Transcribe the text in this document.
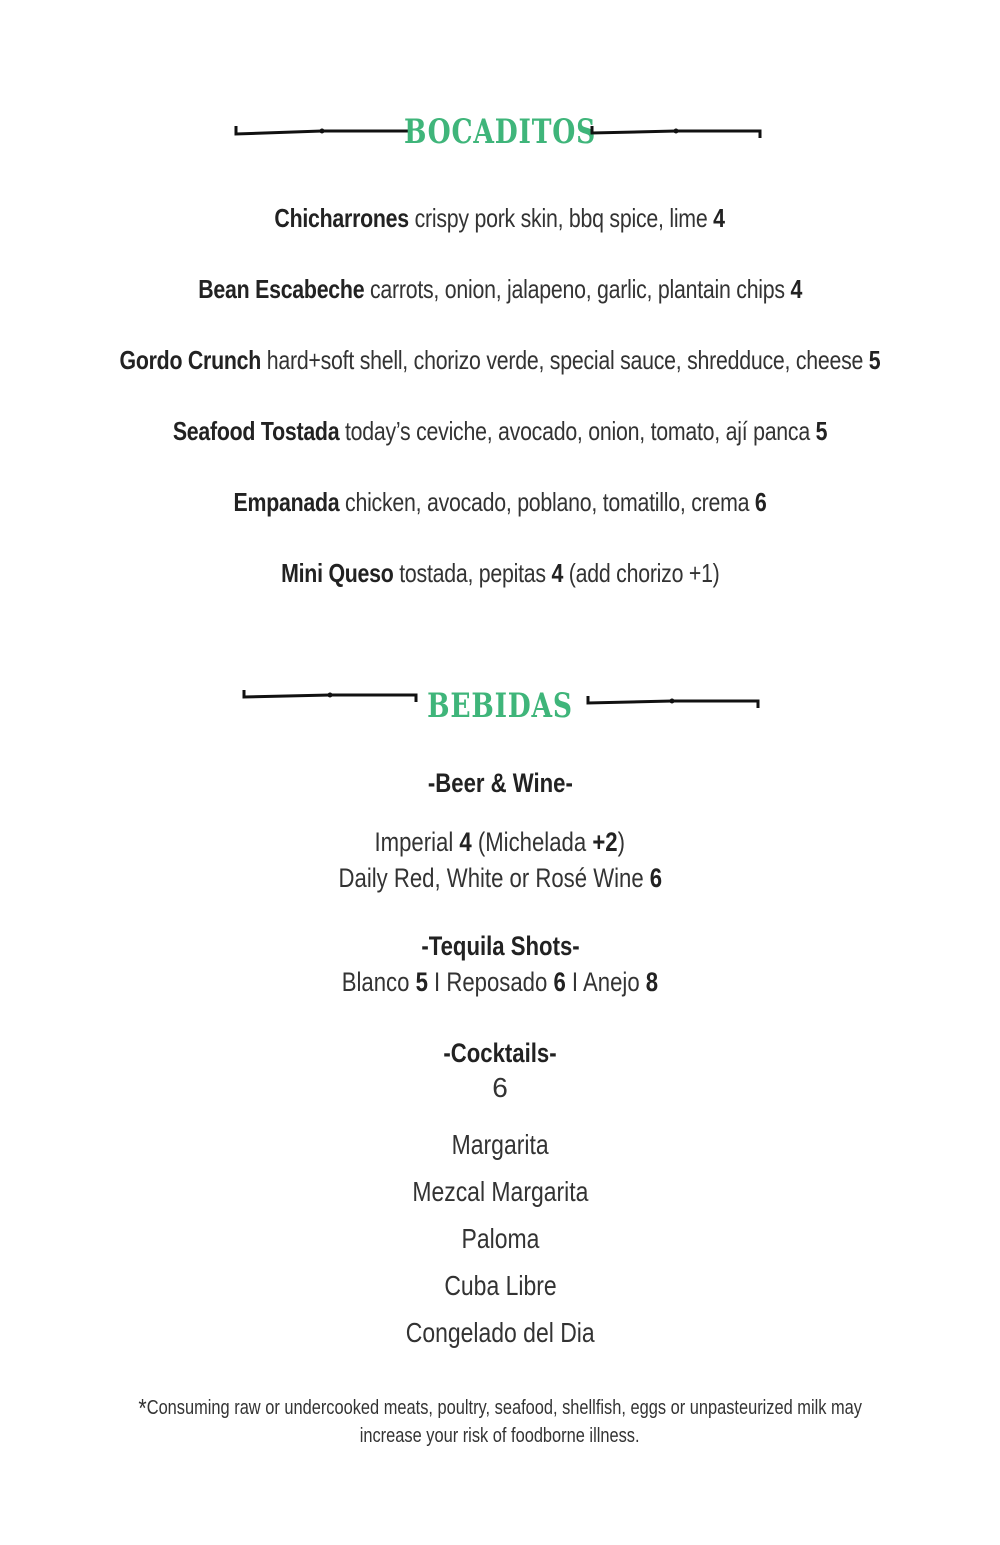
BOCADITOS
Chicharrones crispy pork skin, bbq spice, lime 4
Bean Escabeche carrots, onion, jalapeno, garlic, plantain chips 4
Gordo Crunch hard+soft shell, chorizo verde, special sauce, shredduce, cheese 5
Seafood Tostada today’s ceviche, avocado, onion, tomato, ají panca 5
Empanada chicken, avocado, poblano, tomatillo, crema 6
Mini Queso tostada, pepitas 4 (add chorizo +1)
BEBIDAS
-Beer & Wine-
Imperial 4 (Michelada +2)
Daily Red, White or Rosé Wine 6
-Tequila Shots-
Blanco 5 I Reposado 6 I Anejo 8
-Cocktails-
6
Margarita
Mezcal Margarita
Paloma
Cuba Libre
Congelado del Dia
*Consuming raw or undercooked meats, poultry, seafood, shellfish, eggs or unpasteurized milk may
increase your risk of foodborne illness.
